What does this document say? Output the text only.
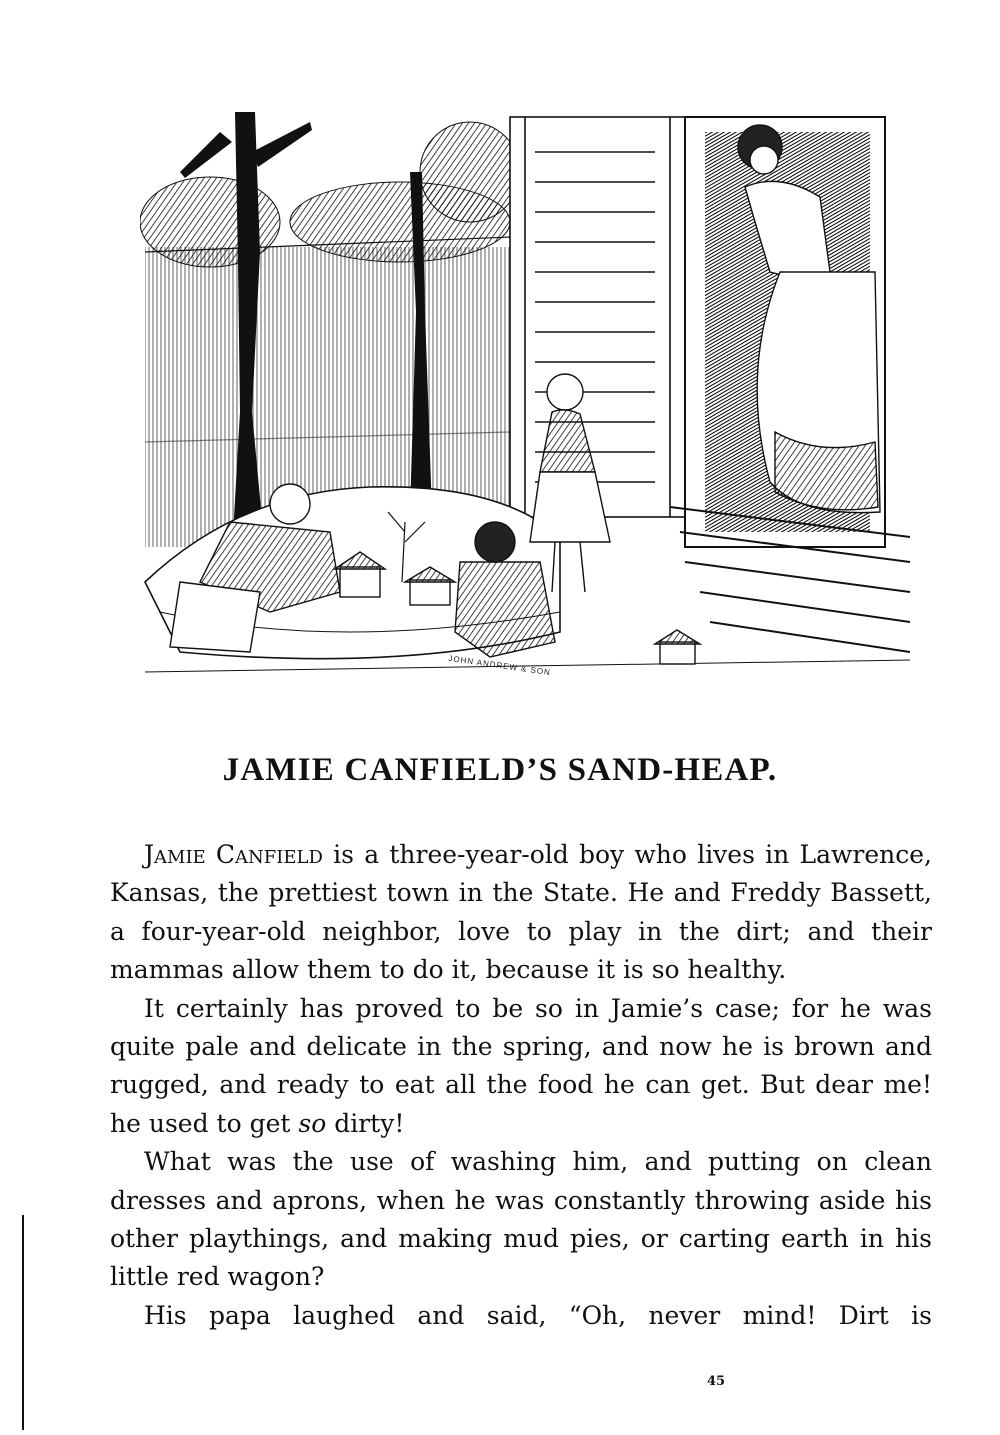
JOHN ANDREW & SON
JAMIE CANFIELD’S SAND-HEAP.

Jamie Canfield is a three-year-old boy who lives in Lawrence, Kansas, the prettiest town in the State. He and Freddy Bassett, a four-year-old neighbor, love to play in the dirt; and their mammas allow them to do it, because it is so healthy.

It certainly has proved to be so in Jamie’s case; for he was quite pale and delicate in the spring, and now he is brown and rugged, and ready to eat all the food he can get. But dear me! he used to get so dirty!

What was the use of washing him, and putting on clean dresses and aprons, when he was constantly throwing aside his other playthings, and making mud pies, or carting earth in his little red wagon?

His papa laughed and said, “Oh, never mind! Dirt is

45
